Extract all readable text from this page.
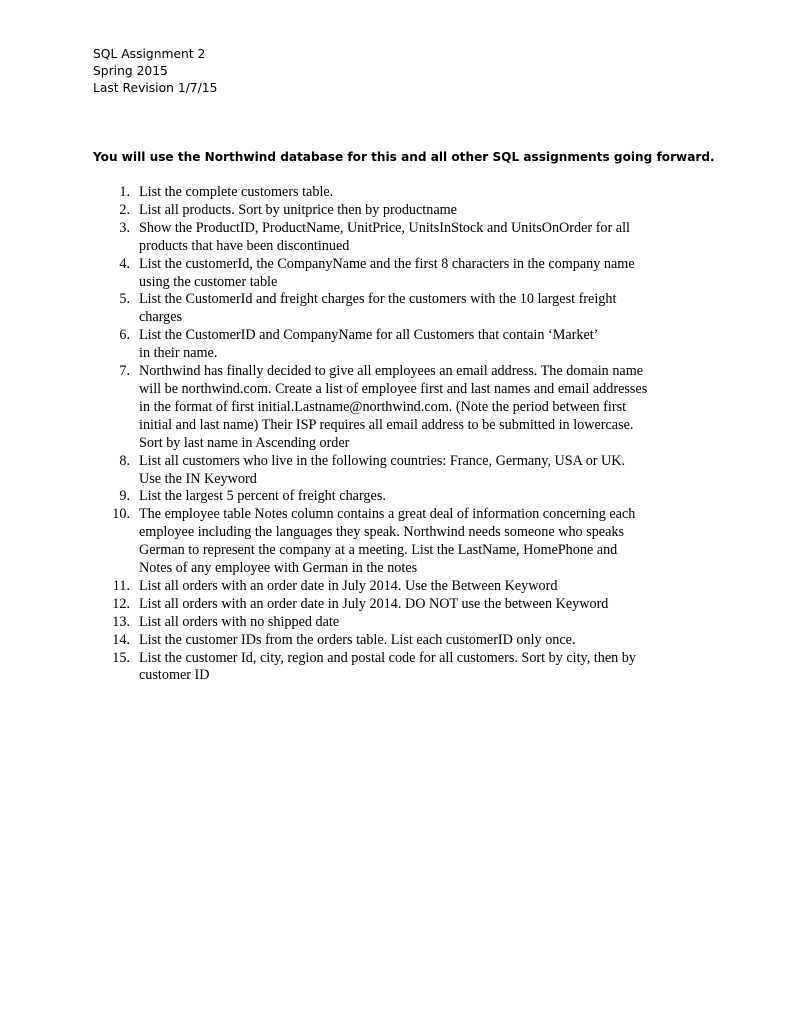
SQL Assignment 2
Spring 2015
Last Revision 1/7/15
You will use the Northwind database for this and all other SQL assignments going forward.
1. List the complete customers table.
2. List all products. Sort by unitprice then by productname
3. Show the ProductID, ProductName, UnitPrice, UnitsInStock and UnitsOnOrder for all
products that have been discontinued
4. List the customerId, the CompanyName and the first 8 characters in the company name
using the customer table
5. List the CustomerId and freight charges for the customers with the 10 largest freight
charges
6. List the CustomerID and CompanyName for all Customers that contain ‘Market’
in their name.
7. Northwind has finally decided to give all employees an email address. The domain name
will be northwind.com. Create a list of employee first and last names and email addresses
in the format of first initial.Lastname@northwind.com. (Note the period between first
initial and last name) Their ISP requires all email address to be submitted in lowercase.
Sort by last name in Ascending order
8. List all customers who live in the following countries: France, Germany, USA or UK.
Use the IN Keyword
9. List the largest 5 percent of freight charges.
10. The employee table Notes column contains a great deal of information concerning each
employee including the languages they speak. Northwind needs someone who speaks
German to represent the company at a meeting. List the LastName, HomePhone and
Notes of any employee with German in the notes
11. List all orders with an order date in July 2014. Use the Between Keyword
12. List all orders with an order date in July 2014. DO NOT use the between Keyword
13. List all orders with no shipped date
14. List the customer IDs from the orders table. List each customerID only once.
15. List the customer Id, city, region and postal code for all customers. Sort by city, then by
customer ID
